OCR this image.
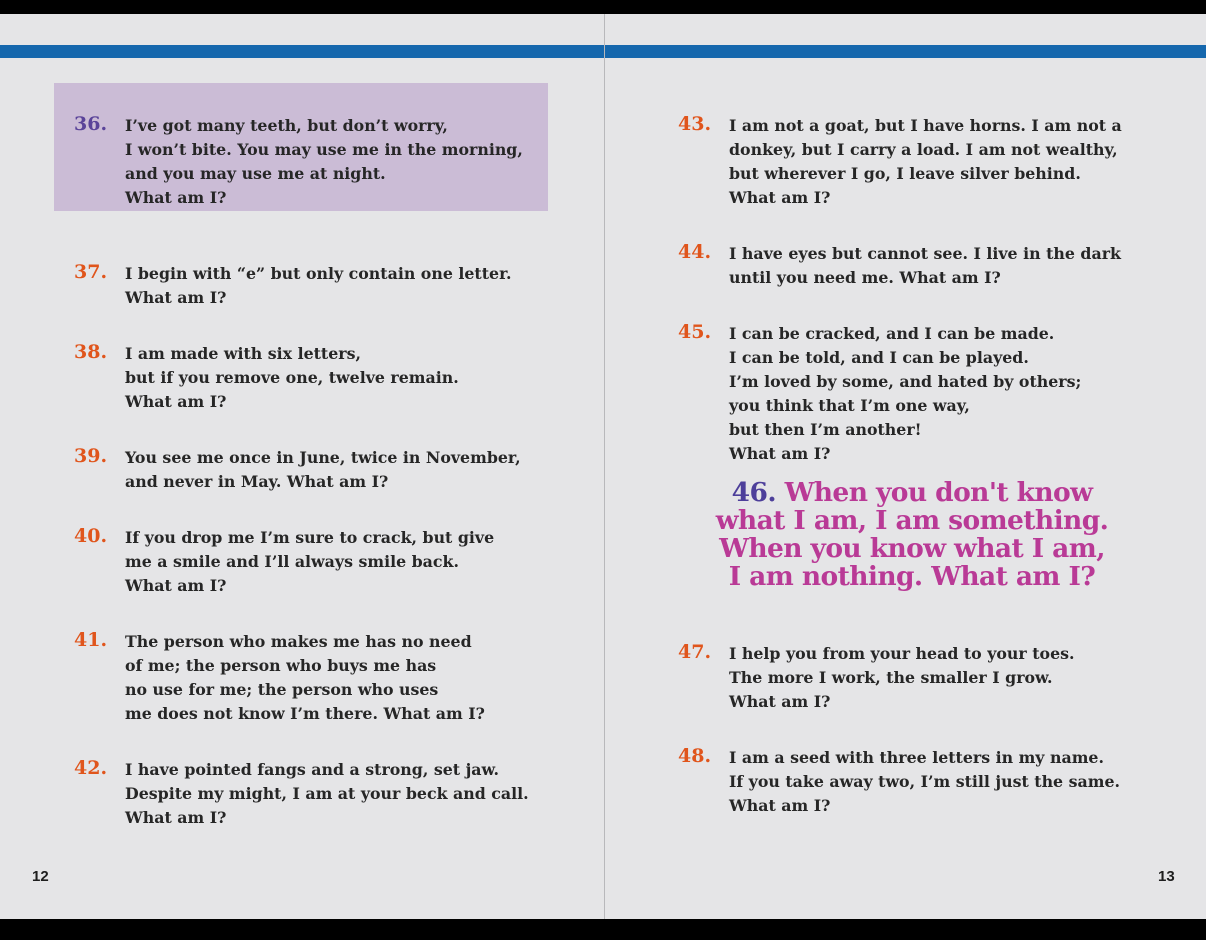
36. I’ve got many teeth, but don’t worry,
I won’t bite. You may use me in the morning,
and you may use me at night.
What am I?
37. I begin with “e” but only contain one letter.
What am I?
38. I am made with six letters,
but if you remove one, twelve remain.
What am I?
39. You see me once in June, twice in November,
and never in May. What am I?
40. If you drop me I’m sure to crack, but give
me a smile and I’ll always smile back.
What am I?
41. The person who makes me has no need
of me; the person who buys me has
no use for me; the person who uses
me does not know I’m there. What am I?
42. I have pointed fangs and a strong, set jaw.
Despite my might, I am at your beck and call.
What am I?
12
43. I am not a goat, but I have horns. I am not a
donkey, but I carry a load. I am not wealthy,
but wherever I go, I leave silver behind.
What am I?
44. I have eyes but cannot see. I live in the dark
until you need me. What am I?
45. I can be cracked, and I can be made.
I can be told, and I can be played.
I’m loved by some, and hated by others;
you think that I’m one way,
but then I’m another!
What am I?
46. When you don't know
what I am, I am something.
When you know what I am,
I am nothing. What am I?
47. I help you from your head to your toes.
The more I work, the smaller I grow.
What am I?
48. I am a seed with three letters in my name.
If you take away two, I’m still just the same.
What am I?
13
